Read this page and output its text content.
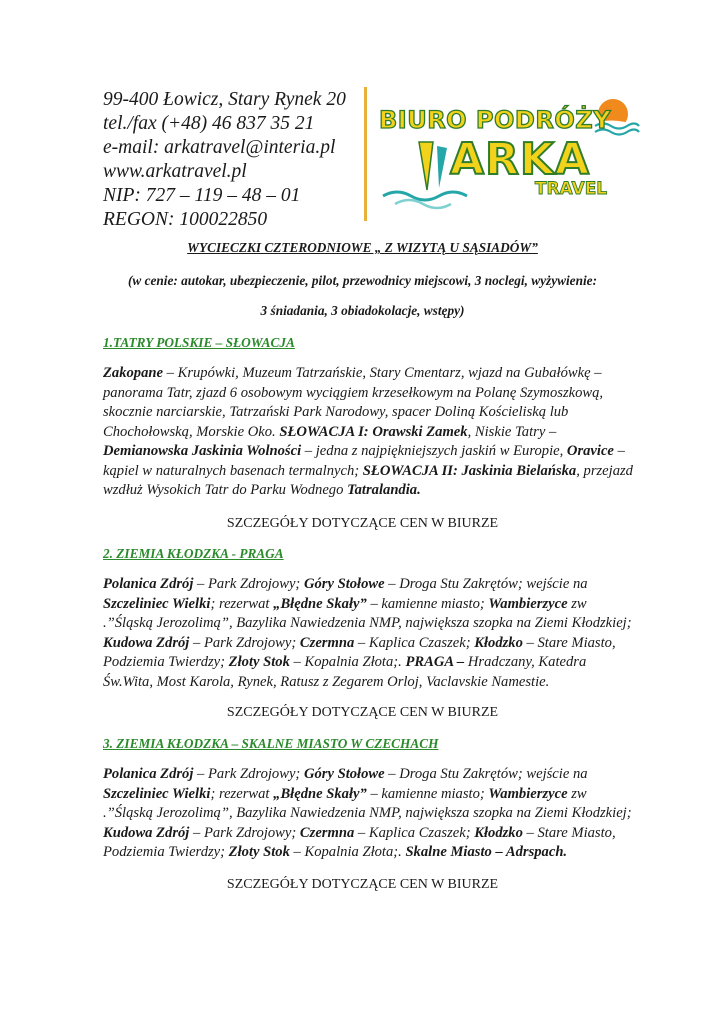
99-400 Łowicz, Stary Rynek 20
tel./fax (+48) 46 837 35 21
e-mail: arkatravel@interia.pl
www.arkatravel.pl
NIP: 727 – 119 – 48 – 01
REGON: 100022850
BIURO PODRÓŻY
ARKA
TRAVEL
WYCIECZKI CZTERODNIOWE „ Z WIZYTĄ U SĄSIADÓW”
(w cenie: autokar, ubezpieczenie, pilot, przewodnicy miejscowi, 3 noclegi, wyżywienie:
3 śniadania, 3 obiadokolacje, wstępy)
1.TATRY POLSKIE – SŁOWACJA
Zakopane – Krupówki, Muzeum Tatrzańskie, Stary Cmentarz, wjazd na Gubałówkę –
panorama Tatr, zjazd 6 osobowym wyciągiem krzesełkowym na Polanę Szymoszkową,
skocznie narciarskie, Tatrzański Park Narodowy, spacer Doliną Kościeliską lub
Chochołowską, Morskie Oko. SŁOWACJA I: Orawski Zamek, Niskie Tatry –
Demianowska Jaskinia Wolności – jedna z najpiękniejszych jaskiń w Europie, Oravice –
kąpiel w naturalnych basenach termalnych; SŁOWACJA II: Jaskinia Bielańska, przejazd
wzdłuż Wysokich Tatr do Parku Wodnego Tatralandia.
SZCZEGÓŁY DOTYCZĄCE CEN W BIURZE
2. ZIEMIA KŁODZKA - PRAGA
Polanica Zdrój – Park Zdrojowy; Góry Stołowe – Droga Stu Zakrętów; wejście na
Szczeliniec Wielki; rezerwat „Błędne Skały” – kamienne miasto; Wambierzyce zw
.”Śląską Jerozolimą”, Bazylika Nawiedzenia NMP, największa szopka na Ziemi Kłodzkiej;
Kudowa Zdrój – Park Zdrojowy; Czermna – Kaplica Czaszek; Kłodzko – Stare Miasto,
Podziemia Twierdzy; Złoty Stok – Kopalnia Złota;. PRAGA – Hradczany, Katedra
Św.Wita, Most Karola, Rynek, Ratusz z Zegarem Orloj, Vaclavskie Namestie.
SZCZEGÓŁY DOTYCZĄCE CEN W BIURZE
3. ZIEMIA KŁODZKA – SKALNE MIASTO W CZECHACH
Polanica Zdrój – Park Zdrojowy; Góry Stołowe – Droga Stu Zakrętów; wejście na
Szczeliniec Wielki; rezerwat „Błędne Skały” – kamienne miasto; Wambierzyce zw
.”Śląską Jerozolimą”, Bazylika Nawiedzenia NMP, największa szopka na Ziemi Kłodzkiej;
Kudowa Zdrój – Park Zdrojowy; Czermna – Kaplica Czaszek; Kłodzko – Stare Miasto,
Podziemia Twierdzy; Złoty Stok – Kopalnia Złota;. Skalne Miasto – Adrspach.
SZCZEGÓŁY DOTYCZĄCE CEN W BIURZE
